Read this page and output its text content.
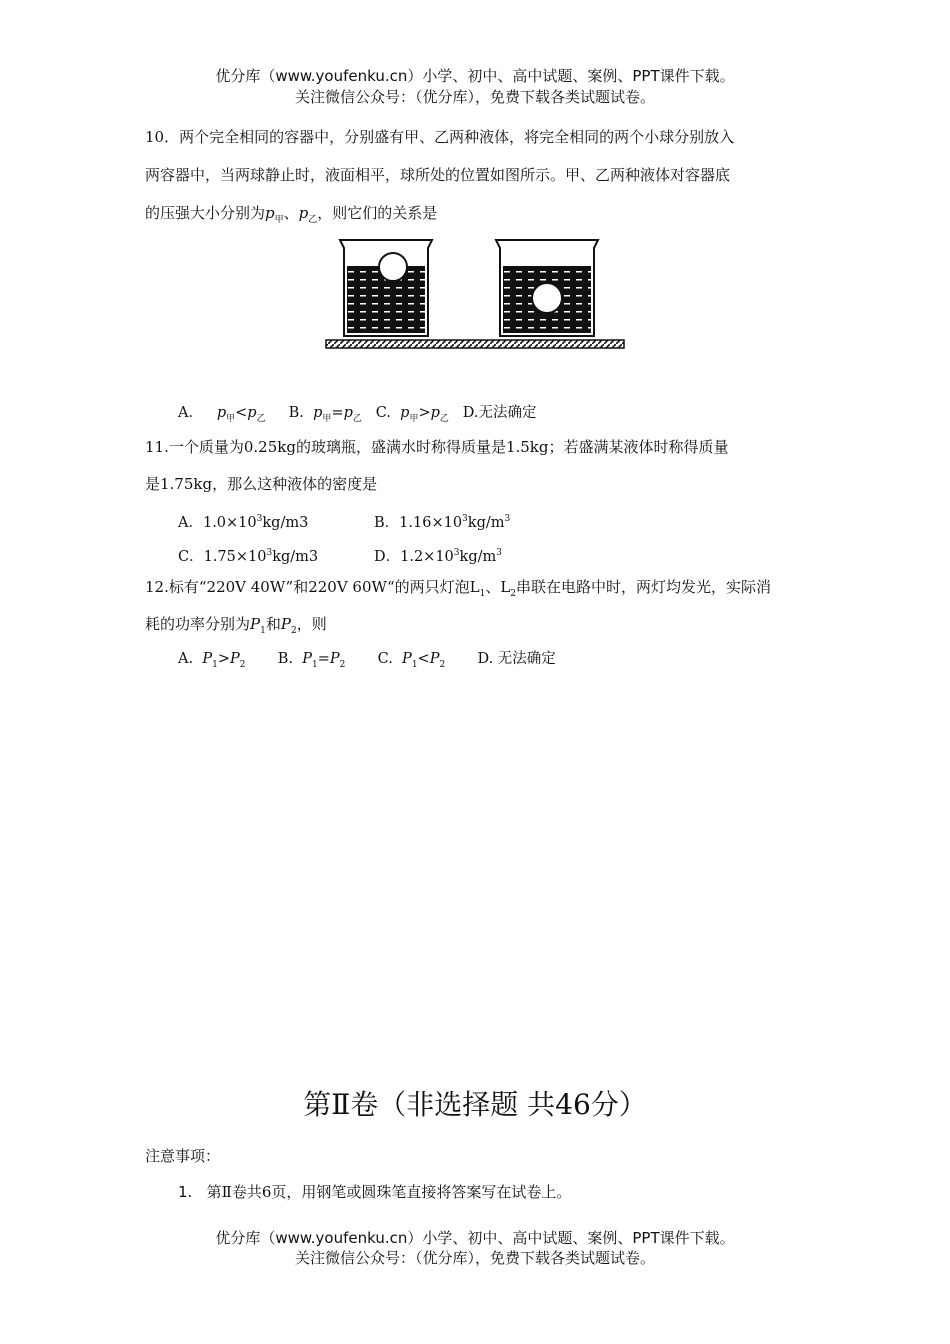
优分库（www.youfenku.cn）小学、初中、高中试题、案例、PPT课件下载。
关注微信公众号：（优分库），免费下载各类试题试卷。
10．两个完全相同的容器中，分别盛有甲、乙两种液体，将完全相同的两个小球分别放入
两容器中，当两球静止时，液面相平，球所处的位置如图所示。甲、乙两种液体对容器底
的压强大小分别为$p_甲$、$p_乙$，则它们的关系是
A． $p_甲<p_乙$ B. $p_甲=p_乙$ C. $p_甲>p_乙$ D.无法确定
11.一个质量为0.25kg的玻璃瓶，盛满水时称得质量是1.5kg；若盛满某液体时称得质量
是1.75kg，那么这种液体的密度是
A．$1.0\times 10^3kg/m3$	B．$1.16\times 10^3kg/m^3$
C．$1.75\times 10^3kg/m3$	D．$1.2\times 10^3kg/m^3$
12.标有“220V 40W”和220V 60W“的两只灯泡$L_1$、$L_2$串联在电路中时，两灯均发光，实际消
耗的功率分别为$P_1$和$P_2$，则
A. $P_1>P_2$ B. $P_1=P_2$ C. $P_1<P_2$ D. 无法确定
第Ⅱ卷（非选择题 共46分）
注意事项：
1. 第Ⅱ卷共6页，用钢笔或圆珠笔直接将答案写在试卷上。
优分库（www.youfenku.cn）小学、初中、高中试题、案例、PPT课件下载。
关注微信公众号：（优分库），免费下载各类试题试卷。
